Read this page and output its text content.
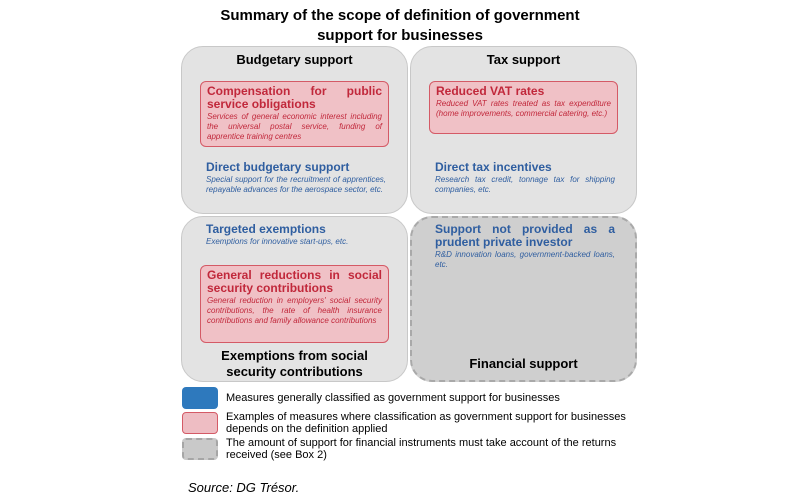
Summary of the scope of definition of government
support for businesses
Budgetary support
Compensation for public service obligations
Services of general economic interest including the universal postal service, funding of apprentice training centres
Direct budgetary support
Special support for the recruitment of apprentices, repayable advances for the aerospace sector, etc.
Tax support
Reduced VAT rates
Reduced VAT rates treated as tax expenditure (home improvements, commercial catering, etc.)
Direct tax incentives
Research tax credit, tonnage tax for shipping companies, etc.
Targeted exemptions
Exemptions for innovative start-ups, etc.
General reductions in social security contributions
General reduction in employers' social security contributions, the rate of health insurance contributions and family allowance contributions
Exemptions from social
security contributions
Support not provided as a prudent private investor
R&D innovation loans, government-backed loans, etc.
Financial support
Measures generally classified as government support for businesses
Examples of measures where classification as government support for businesses depends on the definition applied
The amount of support for financial instruments must take account of the returns received (see Box 2)
Source: DG Trésor.
